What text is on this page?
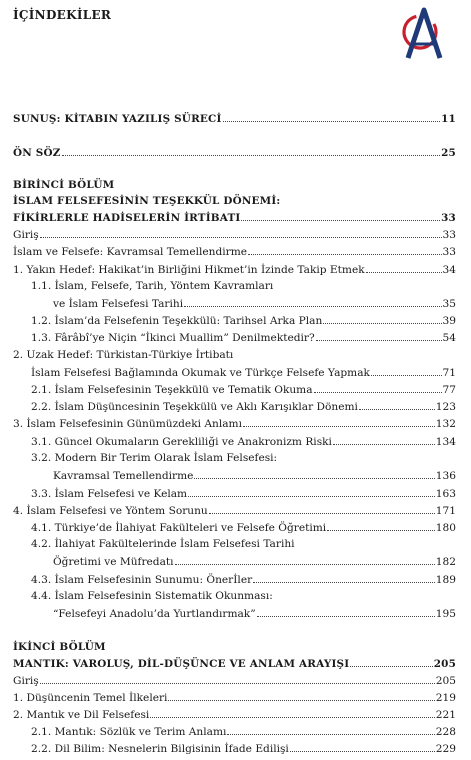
İÇİNDEKİLER
SUNUŞ: KİTABIN YAZILIŞ SÜRECİ	11
ÖN SÖZ	25
BİRİNCİ BÖLÜM
İSLAM FELSEFESİNİN TEŞEKKÜL DÖNEMİ:
FİKİRLERLE HADİSELERİN İRTİBATI	33
Giriş	33
İslam ve Felsefe: Kavramsal Temellendirme	33
1. Yakın Hedef: Hakikat’in Birliğini Hikmet’in İzinde Takip Etmek	34
1.1. İslam, Felsefe, Tarih, Yöntem Kavramları
ve İslam Felsefesi Tarihi	35
1.2. İslam’da Felsefenin Teşekkülü: Tarihsel Arka Plan	39
1.3. Fârâbî’ye Niçin “İkinci Muallim” Denilmektedir?	54
2. Uzak Hedef: Türkistan-Türkiye İrtibatı
İslam Felsefesi Bağlamında Okumak ve Türkçe Felsefe Yapmak	71
2.1. İslam Felsefesinin Teşekkülü ve Tematik Okuma	77
2.2. İslam Düşüncesinin Teşekkülü ve Aklı Karışıklar Dönemi	123
3. İslam Felsefesinin Günümüzdeki Anlamı	132
3.1. Güncel Okumaların Gerekliliği ve Anakronizm Riski	134
3.2. Modern Bir Terim Olarak İslam Felsefesi:
Kavramsal Temellendirme	136
3.3. İslam Felsefesi ve Kelam	163
4. İslam Felsefesi ve Yöntem Sorunu	171
4.1. Türkiye’de İlahiyat Fakülteleri ve Felsefe Öğretimi	180
4.2. İlahiyat Fakültelerinde İslam Felsefesi Tarihi
Öğretimi ve Müfredatı	182
4.3. İslam Felsefesinin Sunumu: Önerİler	189
4.4. İslam Felsefesinin Sistematik Okunması:
“Felsefeyi Anadolu’da Yurtlandırmak”	195
İKİNCİ BÖLÜM
MANTIK: VAROLUŞ, DİL-DÜŞÜNCE VE ANLAM ARAYIŞI	205
Giriş	205
1. Düşüncenin Temel İlkeleri	219
2. Mantık ve Dil Felsefesi	221
2.1. Mantık: Sözlük ve Terim Anlamı	228
2.2. Dil Bilim: Nesnelerin Bilgisinin İfade Edilişi	229
